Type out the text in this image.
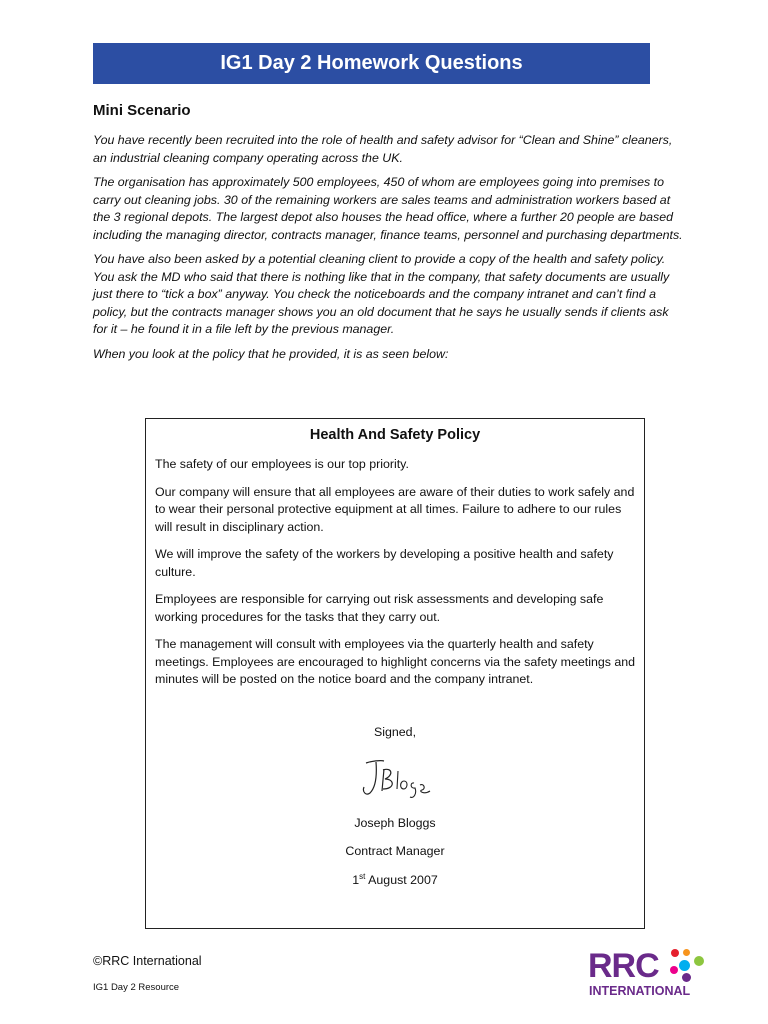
IG1 Day 2 Homework Questions
Mini Scenario

You have recently been recruited into the role of health and safety advisor for “Clean and Shine” cleaners, an industrial cleaning company operating across the UK.

The organisation has approximately 500 employees, 450 of whom are employees going into premises to carry out cleaning jobs. 30 of the remaining workers are sales teams and administration workers based at the 3 regional depots. The largest depot also houses the head office, where a further 20 people are based including the managing director, contracts manager, finance teams, personnel and purchasing departments.

You have also been asked by a potential cleaning client to provide a copy of the health and safety policy. You ask the MD who said that there is nothing like that in the company, that safety documents are usually just there to “tick a box” anyway. You check the noticeboards and the company intranet and can’t find a policy, but the contracts manager shows you an old document that he says he usually sends if clients ask for it – he found it in a file left by the previous manager.

When you look at the policy that he provided, it is as seen below:

Health And Safety Policy

The safety of our employees is our top priority.

Our company will ensure that all employees are aware of their duties to work safely and to wear their personal protective equipment at all times. Failure to adhere to our rules will result in disciplinary action.

We will improve the safety of the workers by developing a positive health and safety culture.

Employees are responsible for carrying out risk assessments and developing safe working procedures for the tasks that they carry out.

The management will consult with employees via the quarterly health and safety meetings. Employees are encouraged to highlight concerns via the safety meetings and minutes will be posted on the notice board and the company intranet.

Signed,
Joseph Bloggs
Contract Manager
1st August 2007
©RRC International
IG1 Day 2 Resource
RRC
INTERNATIONAL
